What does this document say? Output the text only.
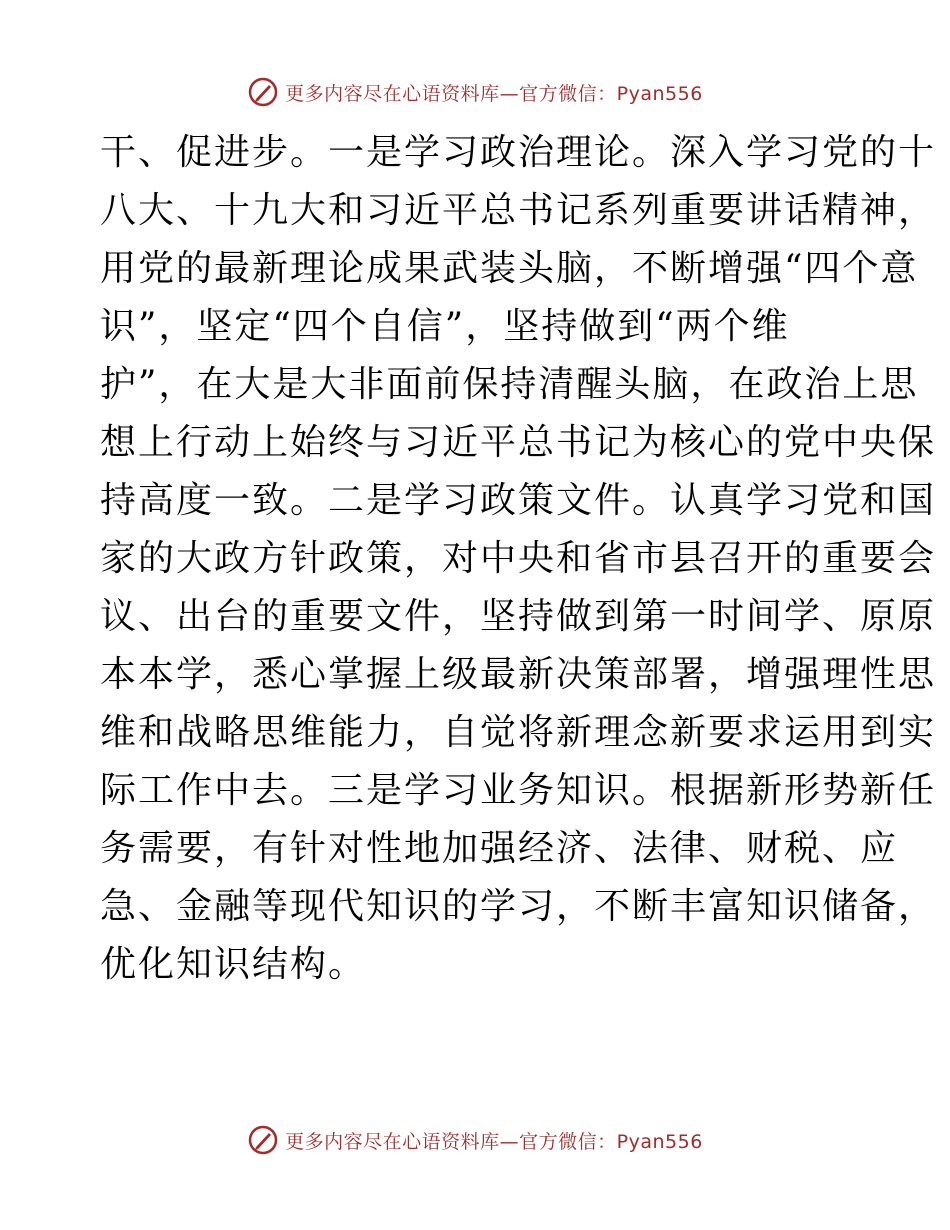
更多内容尽在心语资料库—官方微信：Pyan556
干、促进步。一是学习政治理论。深入学习党的十
八大、十九大和习近平总书记系列重要讲话精神，
用党的最新理论成果武装头脑，不断增强“四个意
识”，坚定“四个自信”，坚持做到“两个维
护”，在大是大非面前保持清醒头脑，在政治上思
想上行动上始终与习近平总书记为核心的党中央保
持高度一致。二是学习政策文件。认真学习党和国
家的大政方针政策，对中央和省市县召开的重要会
议、出台的重要文件，坚持做到第一时间学、原原
本本学，悉心掌握上级最新决策部署，增强理性思
维和战略思维能力，自觉将新理念新要求运用到实
际工作中去。三是学习业务知识。根据新形势新任
务需要，有针对性地加强经济、法律、财税、应
急、金融等现代知识的学习，不断丰富知识储备，
优化知识结构。
更多内容尽在心语资料库—官方微信：Pyan556
